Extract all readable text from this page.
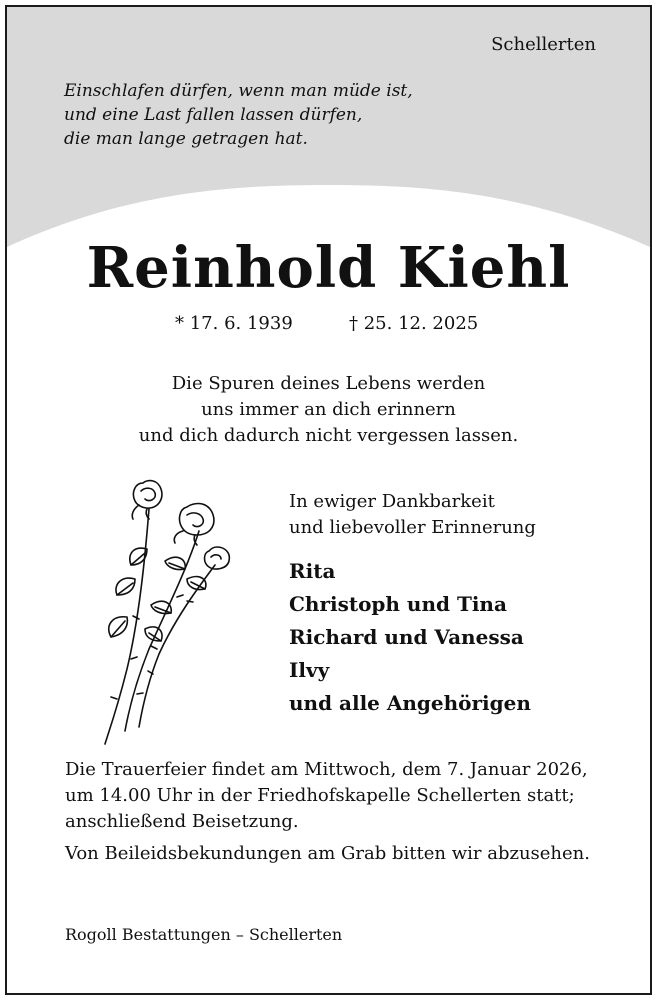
Schellerten
Einschlafen dürfen, wenn man müde ist,
und eine Last fallen lassen dürfen,
die man lange getragen hat.
Reinhold Kiehl
* 17. 6. 1939	† 25. 12. 2025
Die Spuren deines Lebens werden
uns immer an dich erinnern
und dich dadurch nicht vergessen lassen.
In ewiger Dankbarkeit
und liebevoller Erinnerung
Rita
Christoph und Tina
Richard und Vanessa
Ilvy
und alle Angehörigen

Die Trauerfeier findet am Mittwoch, dem 7. Januar 2026, um 14.00 Uhr in der Friedhofskapelle Schellerten statt; anschließend Beisetzung.

Von Beileidsbekundungen am Grab bitten wir abzusehen.

Rogoll Bestattungen – Schellerten
